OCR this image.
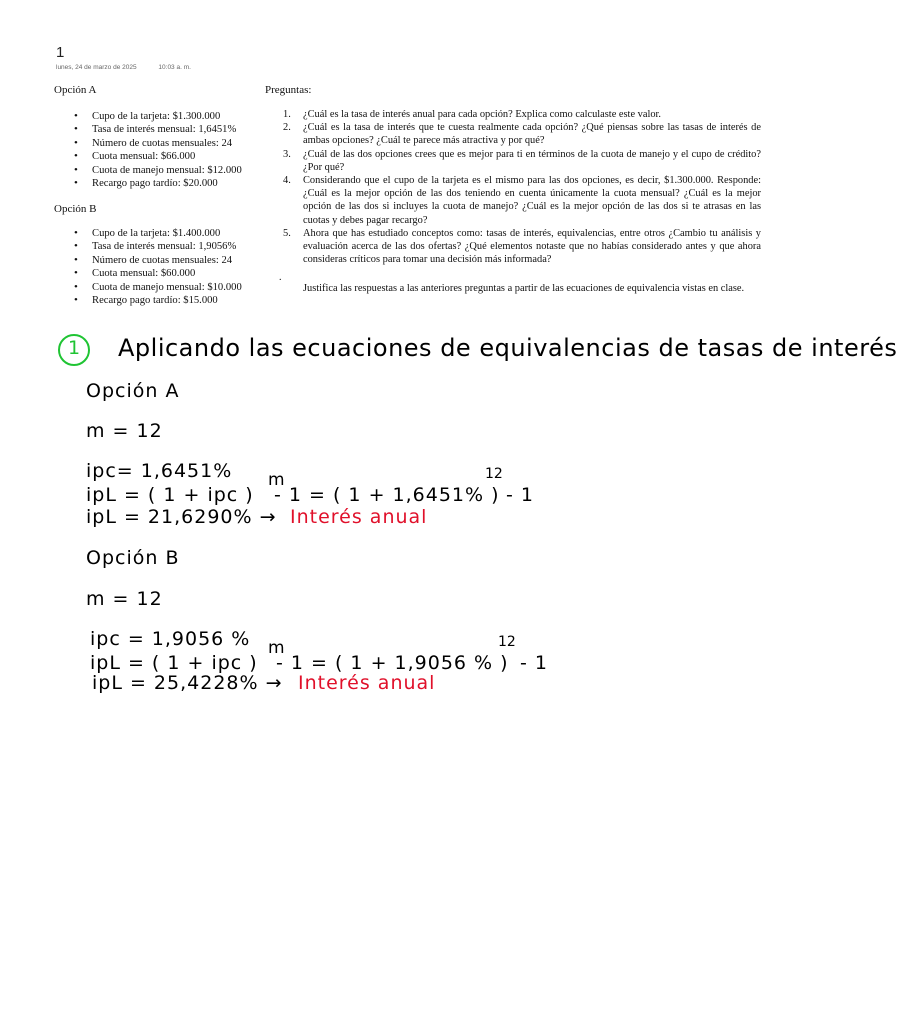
1
lunes, 24 de marzo de 2025	10:03 a. m.
Opción A
• Cupo de la tarjeta: $1.300.000
• Tasa de interés mensual: 1,6451%
• Número de cuotas mensuales: 24
• Cuota mensual: $66.000
• Cuota de manejo mensual: $12.000
• Recargo pago tardío: $20.000
Opción B
• Cupo de la tarjeta: $1.400.000
• Tasa de interés mensual: 1,9056%
• Número de cuotas mensuales: 24
• Cuota mensual: $60.000
• Cuota de manejo mensual: $10.000
• Recargo pago tardío: $15.000
Preguntas:
1. ¿Cuál es la tasa de interés anual para cada opción? Explica como calculaste este valor.
2. ¿Cuál es la tasa de interés que te cuesta realmente cada opción? ¿Qué piensas sobre las tasas de interés de ambas opciones? ¿Cuál te parece más atractiva y por qué?
3. ¿Cuál de las dos opciones crees que es mejor para ti en términos de la cuota de manejo y el cupo de crédito? ¿Por qué?
4. Considerando que el cupo de la tarjeta es el mismo para las dos opciones, es decir, $1.300.000. Responde: ¿Cuál es la mejor opción de las dos teniendo en cuenta únicamente la cuota mensual? ¿Cuál es la mejor opción de las dos si incluyes la cuota de manejo? ¿Cuál es la mejor opción de las dos si te atrasas en las cuotas y debes pagar recargo?
5. Ahora que has estudiado conceptos como: tasas de interés, equivalencias, entre otros ¿Cambio tu análisis y evaluación acerca de las dos ofertas? ¿Qué elementos notaste que no habías considerado antes y que ahora consideras críticos para tomar una decisión más informada?
.
Justifica las respuestas a las anteriores preguntas a partir de las ecuaciones de equivalencia vistas en clase.
1	Aplicando las ecuaciones de equivalencias de tasas de interés
Opción A
m = 12
ipc= 1,6451%
ipL = ( 1 + ipc )
m
- 1 = ( 1 + 1,6451% )
12
- 1
ipL = 21,6290% → Interés anual
Opción B
m = 12
ipc = 1,9056 %
ipL = ( 1 + ipc )
m
- 1 = ( 1 + 1,9056 % )
12
- 1
ipL = 25,4228% → Interés anual
